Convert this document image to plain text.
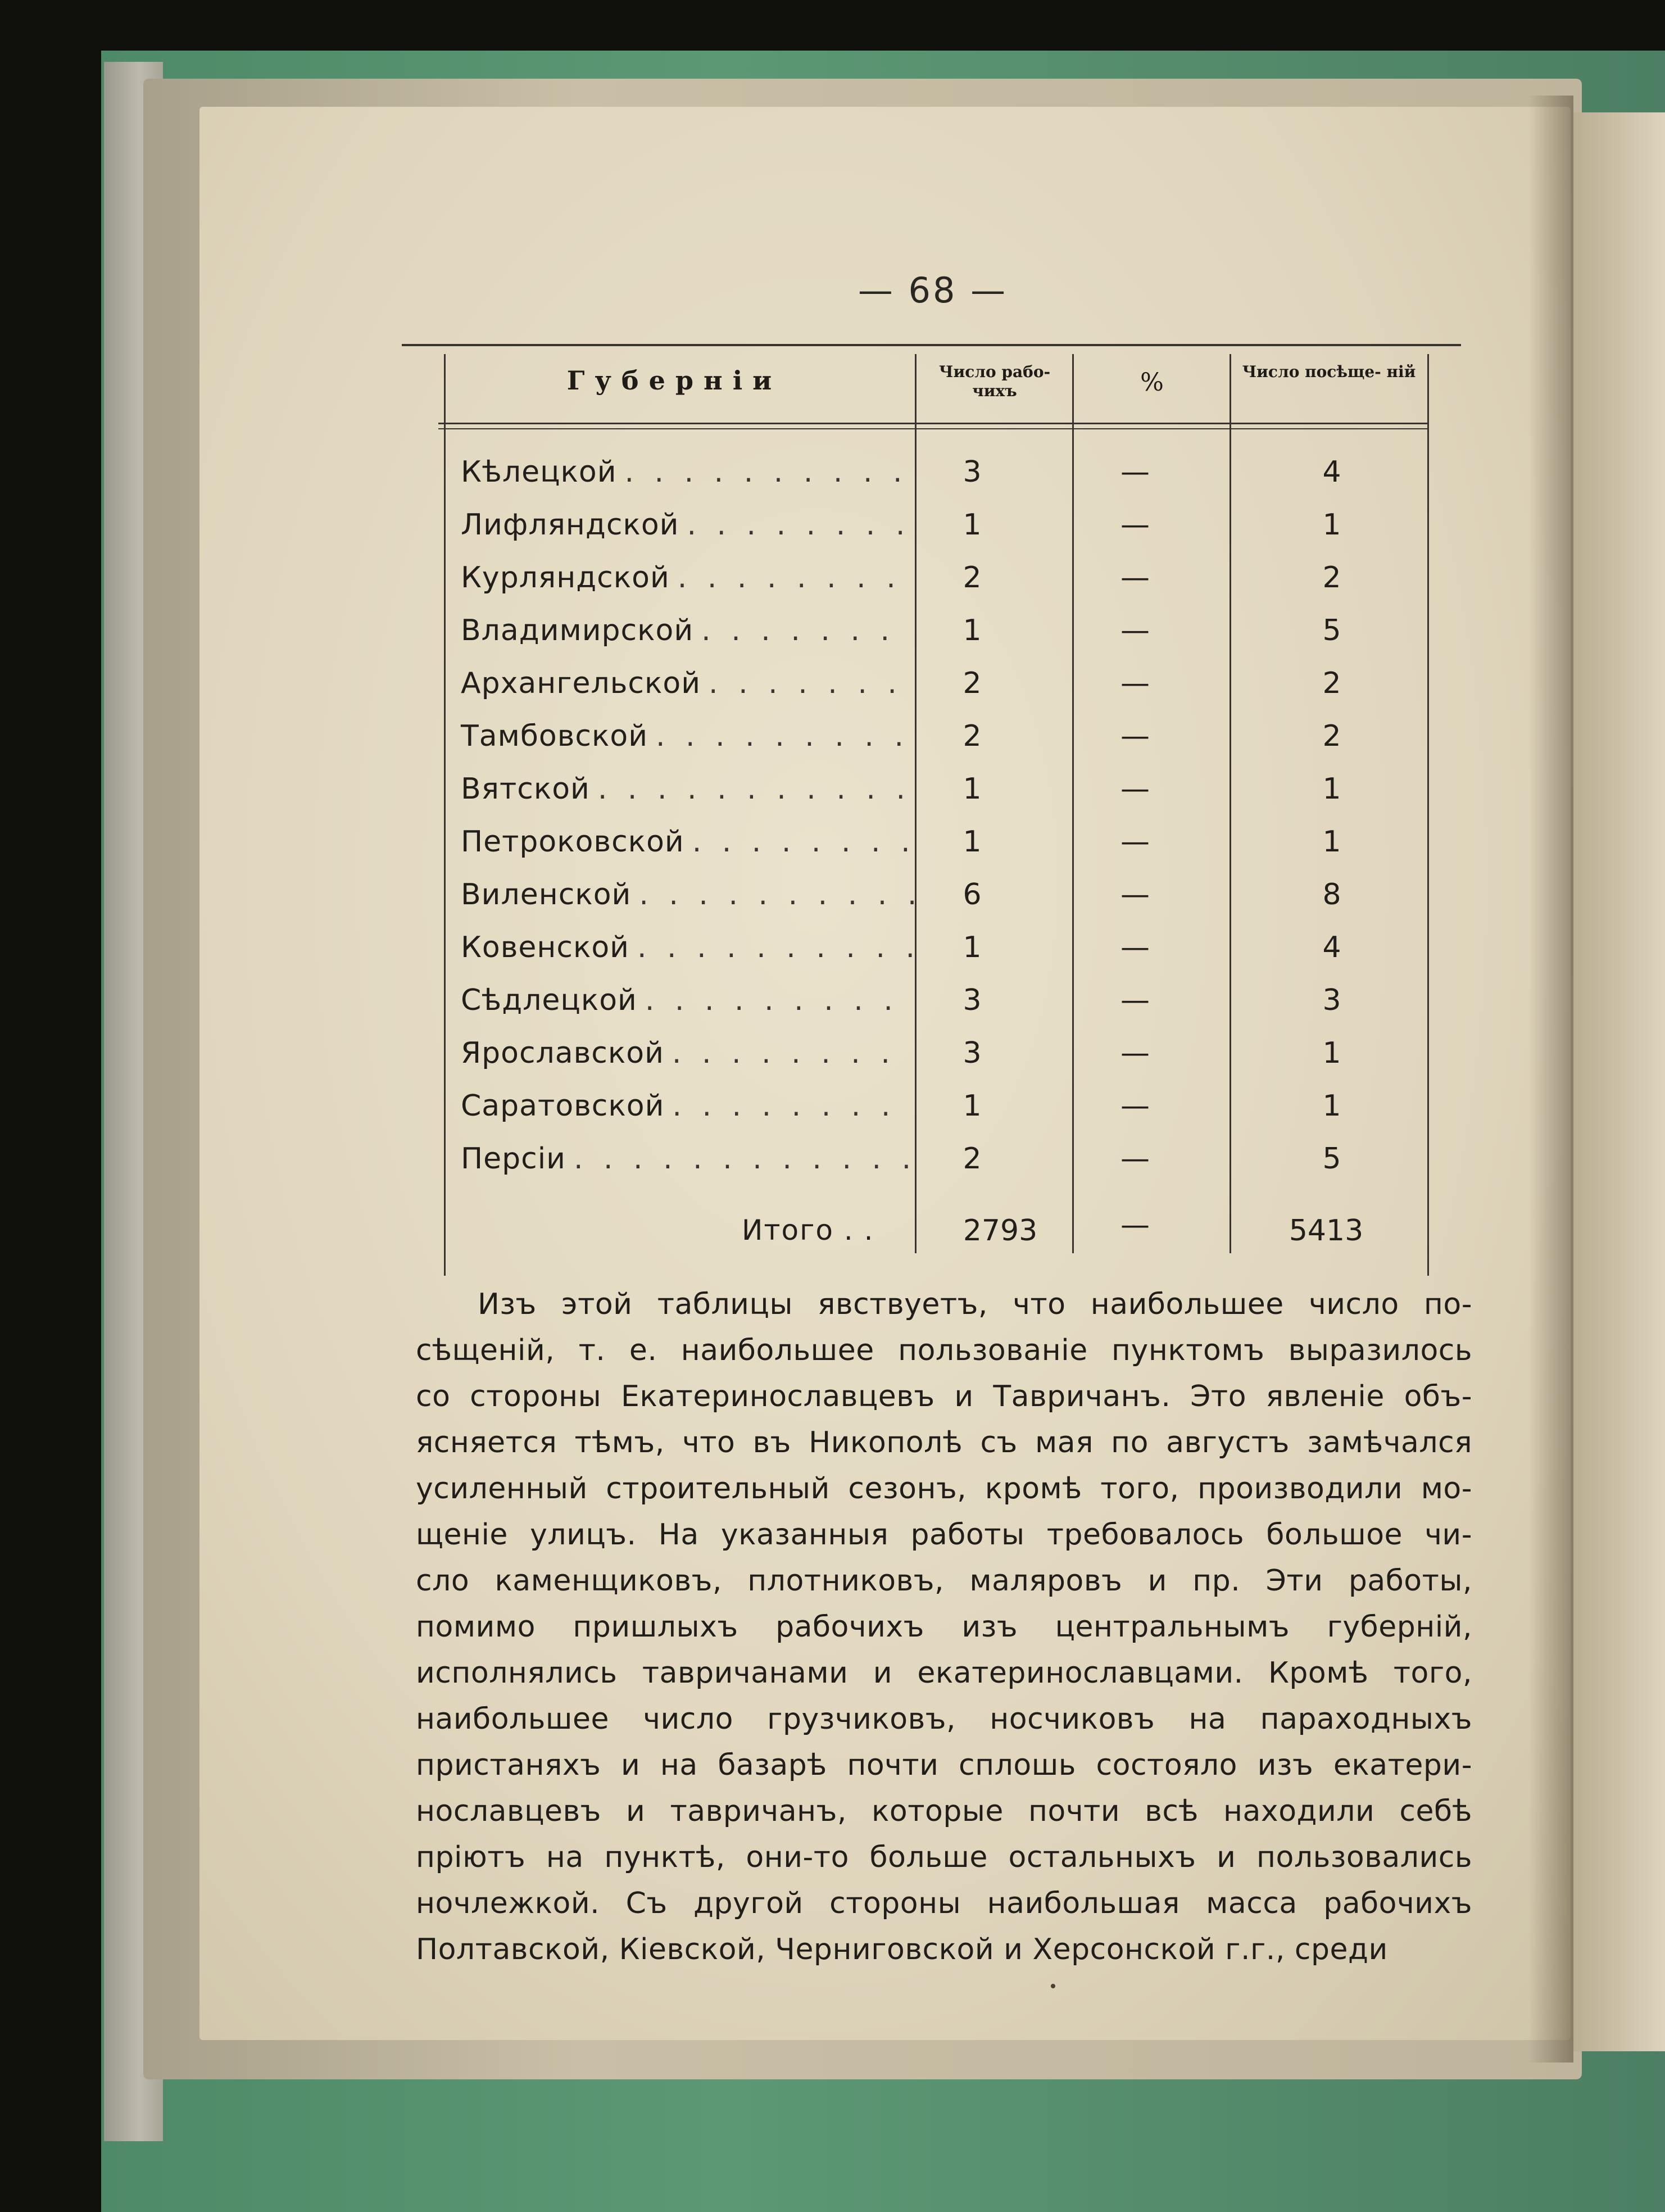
— 68 —
Губерніи	Число рабо- чихъ	%	Число посѣще- ній
Кѣлецкой . . . . . . . . . .	3	—	4
Лифляндской . . . . . . . .	1	—	1
Курляндской . . . . . . . .	2	—	2
Владимирской . . . . . . .	1	—	5
Архангельской . . . . . . .	2	—	2
Тамбовской . . . . . . . . .	2	—	2
Вятской . . . . . . . . . . .	1	—	1
Петроковской . . . . . . . .	1	—	1
Виленской . . . . . . . . . .	6	—	8
Ковенской . . . . . . . . . .	1	—	4
Сѣдлецкой . . . . . . . . .	3	—	3
Ярославской . . . . . . . .	3	—	1
Саратовской . . . . . . . .	1	—	1
Персіи . . . . . . . . . . . .	2	—	5
Итого . .	2793	—	5413
Изъ этой таблицы явствуетъ, что наибольшее число по-
сѣщеній, т. е. наибольшее пользованіе пунктомъ выразилось
со стороны Екатеринославцевъ и Тавричанъ. Это явленіе объ-
ясняется тѣмъ, что въ Никополѣ съ мая по августъ замѣчался
усиленный строительный сезонъ, кромѣ того, производили мо-
щеніе улицъ. На указанныя работы требовалось большое чи-
сло каменщиковъ, плотниковъ, маляровъ и пр. Эти работы,
помимо пришлыхъ рабочихъ изъ центральнымъ губерній,
исполнялись тавричанами и екатеринославцами. Кромѣ того,
наибольшее число грузчиковъ, носчиковъ на параходныхъ
пристаняхъ и на базарѣ почти сплошь состояло изъ екатери-
нославцевъ и тавричанъ, которые почти всѣ находили себѣ
пріютъ на пунктѣ, они-то больше остальныхъ и пользовались
ночлежкой. Съ другой стороны наибольшая масса рабочихъ
Полтавской, Кіевской, Черниговской и Херсонской г.г., среди
